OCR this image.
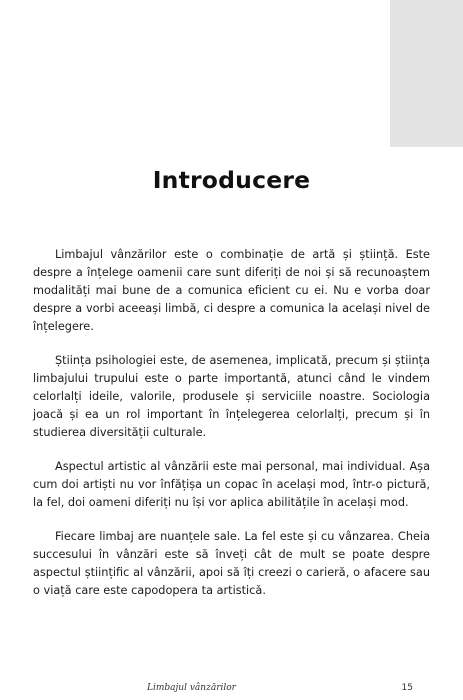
Introducere

Limbajul vânzărilor este o combinație de artă și știință. Este despre a înțelege oamenii care sunt diferiți de noi și să recunoaștem modalități mai bune de a comunica eficient cu ei. Nu e vorba doar despre a vorbi aceeași limbă, ci despre a comunica la același nivel de înțelegere.

Știința psihologiei este, de asemenea, implicată, precum și știința limbajului trupului este o parte importantă, atunci când le vindem celorlalți ideile, valorile, produsele și serviciile noastre. Sociologia joacă și ea un rol important în înțelegerea celorlalți, precum și în studierea diversității culturale.

Aspectul artistic al vânzării este mai personal, mai individual. Așa cum doi artiști nu vor înfățișa un copac în același mod, într-o pictură, la fel, doi oameni diferiți nu își vor aplica abilitățile în același mod.

Fiecare limbaj are nuanțele sale. La fel este și cu vânzarea. Cheia succesului în vânzări este să înveți cât de mult se poate despre aspectul științific al vânzării, apoi să îți creezi o carieră, o afacere sau o viață care este capodopera ta artistică.

Limbajul vânzărilor	15
